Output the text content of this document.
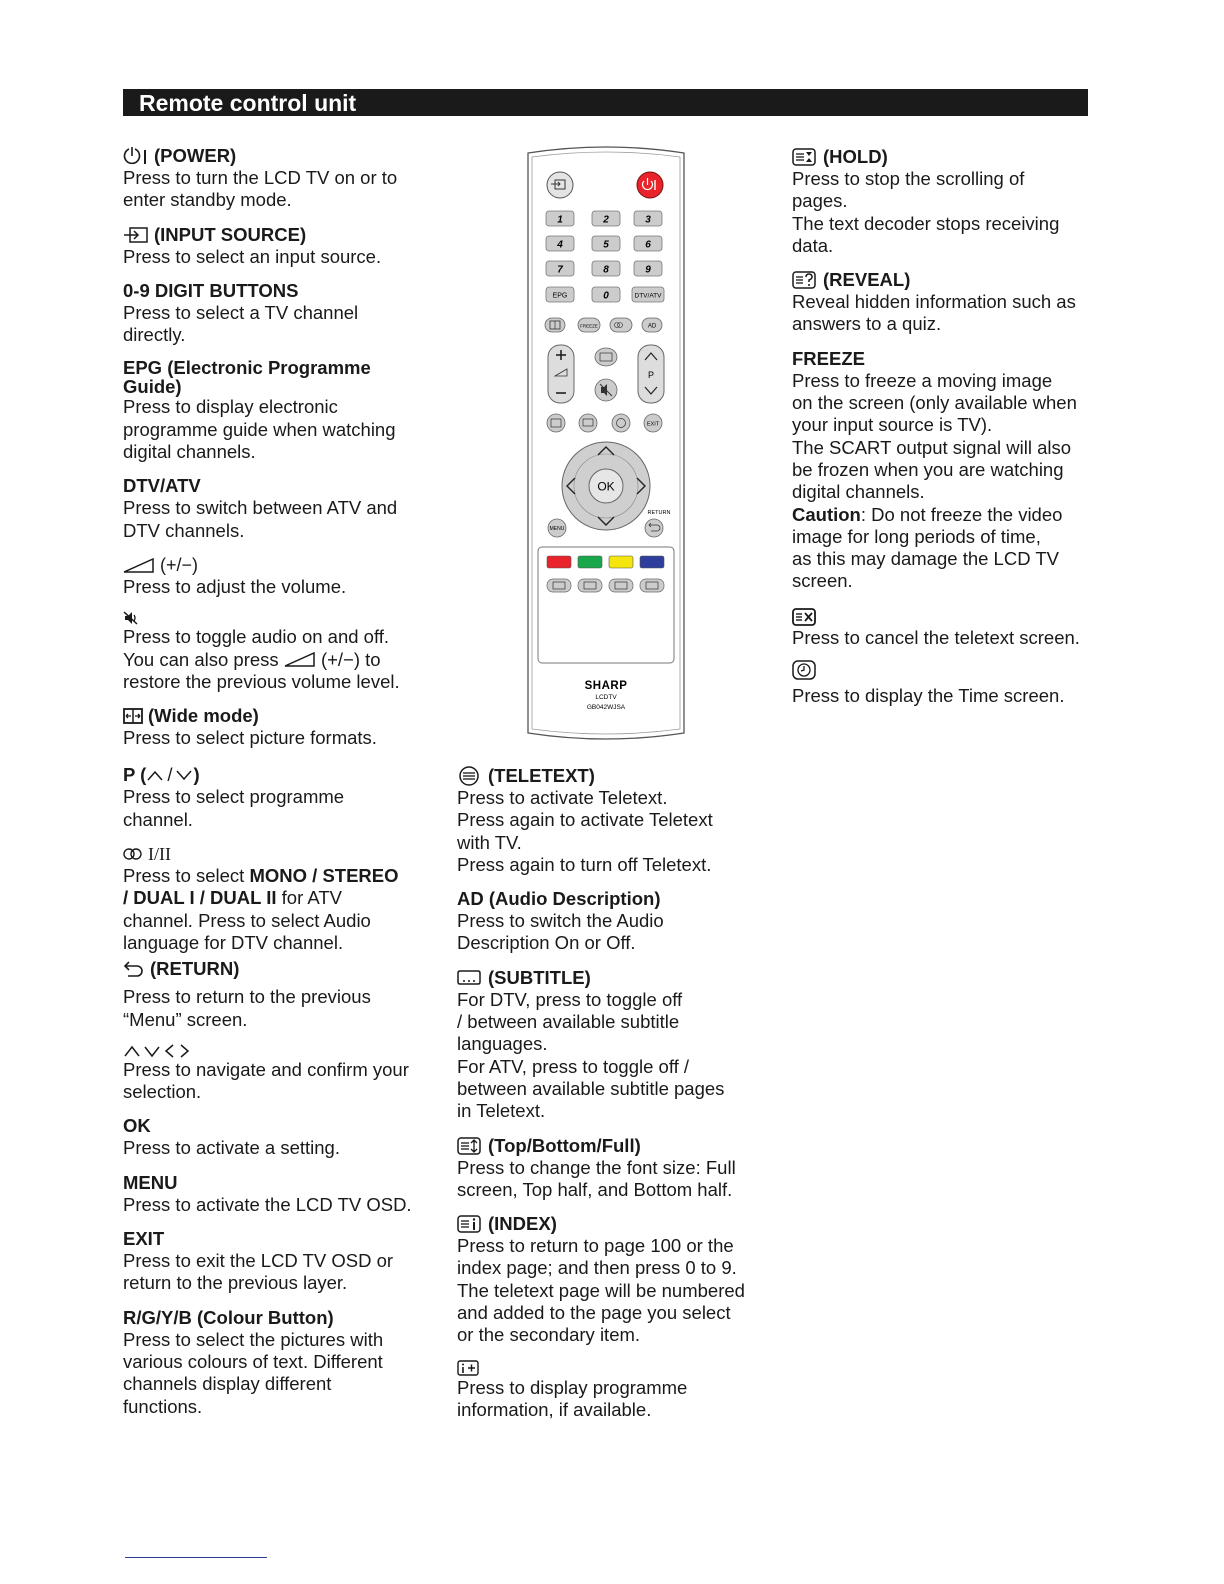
Remote control unit
(POWER)
Press to turn the LCD TV on or to
enter standby mode.
(INPUT SOURCE)
Press to select an input source.
0-9 DIGIT BUTTONS
Press to select a TV channel
directly.
EPG (Electronic Programme
Guide)
Press to display electronic
programme guide when watching
digital channels.
DTV/ATV
Press to switch between ATV and
DTV channels.
(+/−)
Press to adjust the volume.
Press to toggle audio on and off.
You can also press (+/−) to
restore the previous volume level.
(Wide mode)
Press to select picture formats.
P ( / )
Press to select programme
channel.
I/II
Press to select MONO / STEREO
/ DUAL I / DUAL II for ATV
channel. Press to select Audio
language for DTV channel.
(RETURN)
Press to return to the previous
“Menu” screen.
Press to navigate and confirm your
selection.
OK
Press to activate a setting.
MENU
Press to activate the LCD TV OSD.
EXIT
Press to exit the LCD TV OSD or
return to the previous layer.
R/G/Y/B (Colour Button)
Press to select the pictures with
various colours of text. Different
channels display different
functions.
1	2	3
4	5	6
7	8	9
EPG	0	DTV/ATV
FREEZE	AD
P
EXIT
OK
RETURN
MENU
SHARP
LCDTV
GB042WJSA
(TELETEXT)
Press to activate Teletext.
Press again to activate Teletext
with TV.
Press again to turn off Teletext.
AD (Audio Description)
Press to switch the Audio
Description On or Off.
(SUBTITLE)
For DTV, press to toggle off
/ between available subtitle
languages.
For ATV, press to toggle off /
between available subtitle pages
in Teletext.
(Top/Bottom/Full)
Press to change the font size: Full
screen, Top half, and Bottom half.
(INDEX)
Press to return to page 100 or the
index page; and then press 0 to 9.
The teletext page will be numbered
and added to the page you select
or the secondary item.
Press to display programme
information, if available.
(HOLD)
Press to stop the scrolling of
pages.
The text decoder stops receiving
data.
(REVEAL)
Reveal hidden information such as
answers to a quiz.
FREEZE
Press to freeze a moving image
on the screen (only available when
your input source is TV).
The SCART output signal will also
be frozen when you are watching
digital channels.
Caution: Do not freeze the video
image for long periods of time,
as this may damage the LCD TV
screen.
Press to cancel the teletext screen.
Press to display the Time screen.
